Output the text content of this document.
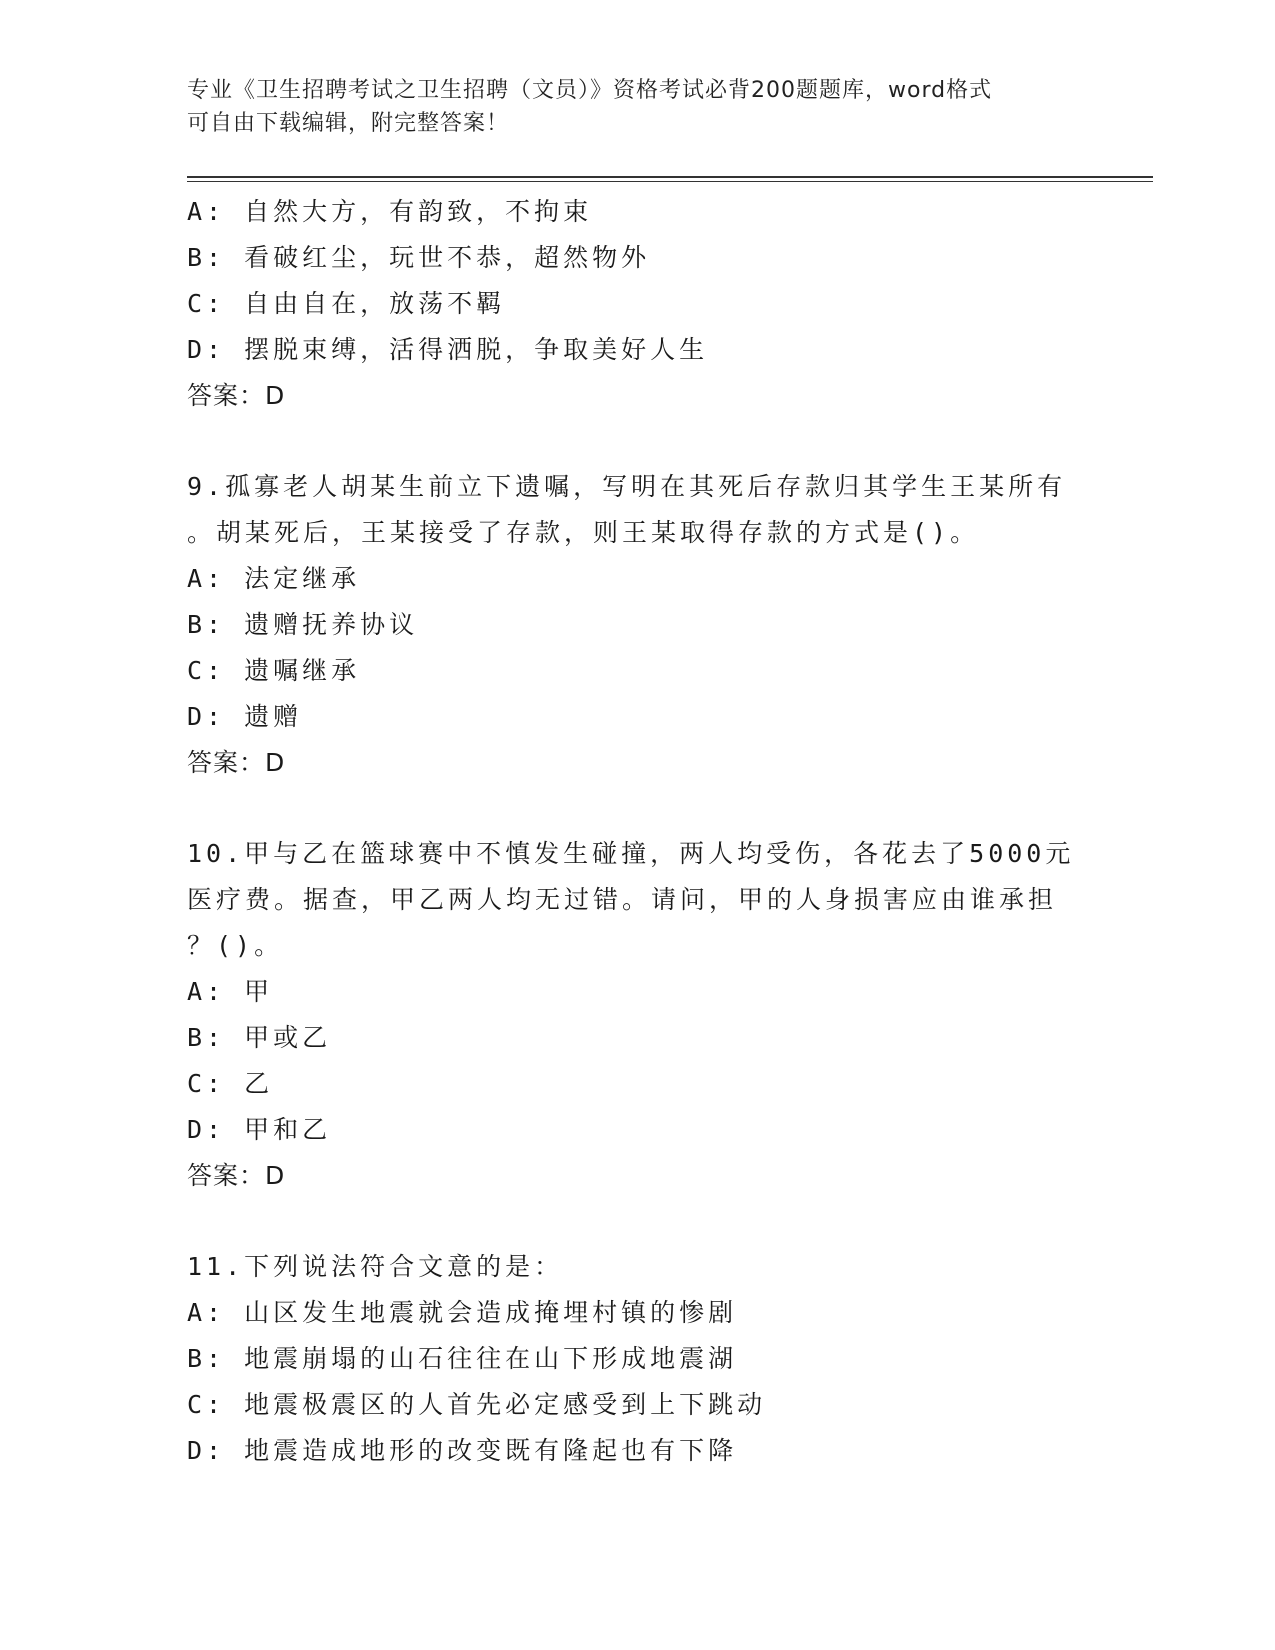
专业《卫生招聘考试之卫生招聘（文员）》资格考试必背200题题库，word格式
可自由下载编辑，附完整答案！
A: 自然大方，有韵致，不拘束
B: 看破红尘，玩世不恭，超然物外
C: 自由自在，放荡不羁
D: 摆脱束缚，活得洒脱，争取美好人生
答案：D
9.孤寡老人胡某生前立下遗嘱，写明在其死后存款归其学生王某所有
。胡某死后，王某接受了存款，则王某取得存款的方式是()。
A: 法定继承
B: 遗赠抚养协议
C: 遗嘱继承
D: 遗赠
答案：D
10.甲与乙在篮球赛中不慎发生碰撞，两人均受伤，各花去了5000元
医疗费。据查，甲乙两人均无过错。请问，甲的人身损害应由谁承担
？()。
A: 甲
B: 甲或乙
C: 乙
D: 甲和乙
答案：D
11.下列说法符合文意的是：
A: 山区发生地震就会造成掩埋村镇的惨剧
B: 地震崩塌的山石往往在山下形成地震湖
C: 地震极震区的人首先必定感受到上下跳动
D: 地震造成地形的改变既有隆起也有下降
